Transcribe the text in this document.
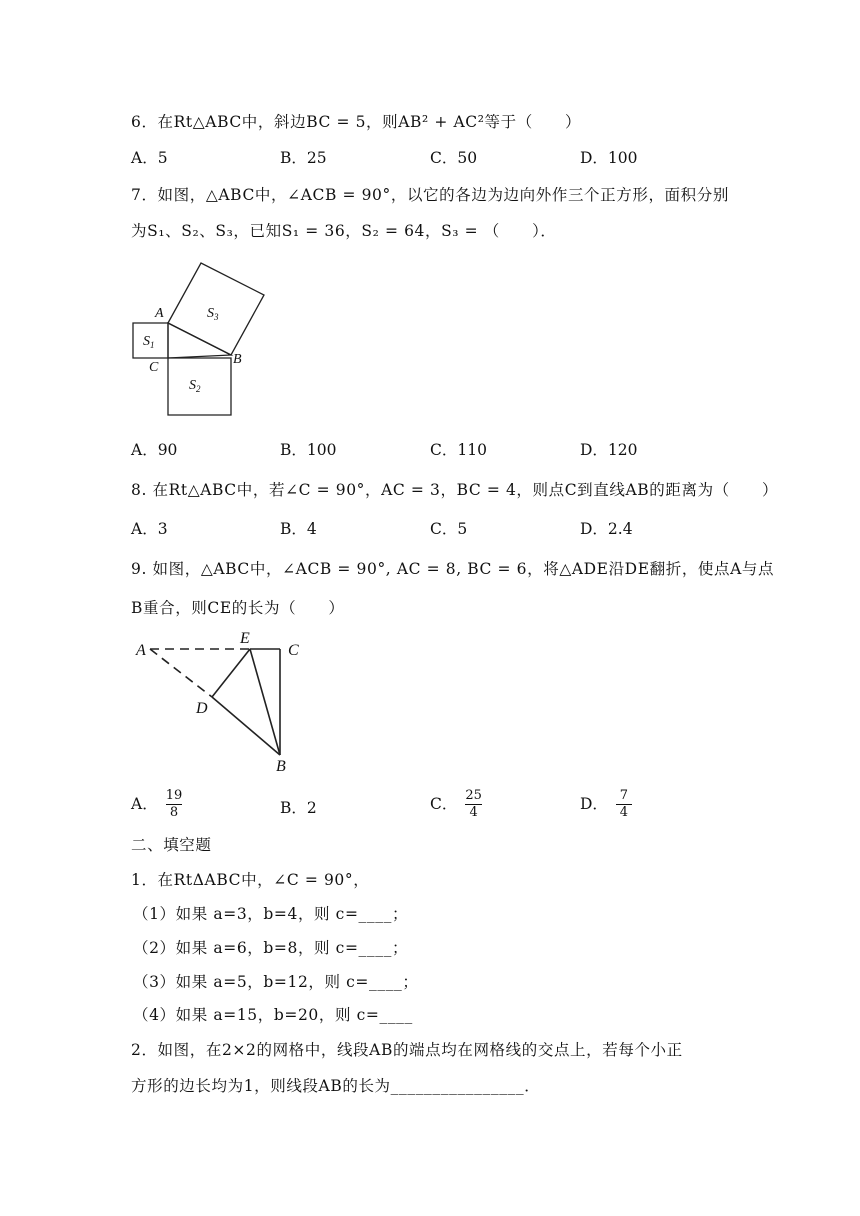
6．在Rt△ABC中，斜边BC = 5，则AB² + AC²等于（　　）
A．5	B．25	C．50	D．100
7．如图，△ABC中，∠ACB = 90°，以它的各边为边向外作三个正方形，面积分别
为S₁、S₂、S₃，已知S₁ = 36，S₂ = 64，S₃ = （　　）．
A
B
C
$S_1$
$S_2$
$S_3$
A．90	B．100	C．110	D．120
8. 在Rt△ABC中，若∠C = 90°，AC = 3，BC = 4，则点C到直线AB的距离为（　　）
A．3	B．4	C．5	D．2.4
9. 如图，△ABC中，∠ACB = 90°, AC = 8, BC = 6，将△ADE沿DE翻折，使点A与点
B重合，则CE的长为（　　）
A
E
C
D
B
A． $\frac{19}{8}$	B．2	C． $\frac{25}{4}$	D． $\frac{7}{4}$
二、填空题
1．在RtΔABC中，∠C = 90°，
（1）如果 a=3，b=4，则 c=____；
（2）如果 a=6，b=8，则 c=____；
（3）如果 a=5，b=12，则 c=____；
（4）如果 a=15，b=20，则 c=____
2．如图，在2×2的网格中，线段AB的端点均在网格线的交点上，若每个小正
方形的边长均为1，则线段AB的长为________________．
